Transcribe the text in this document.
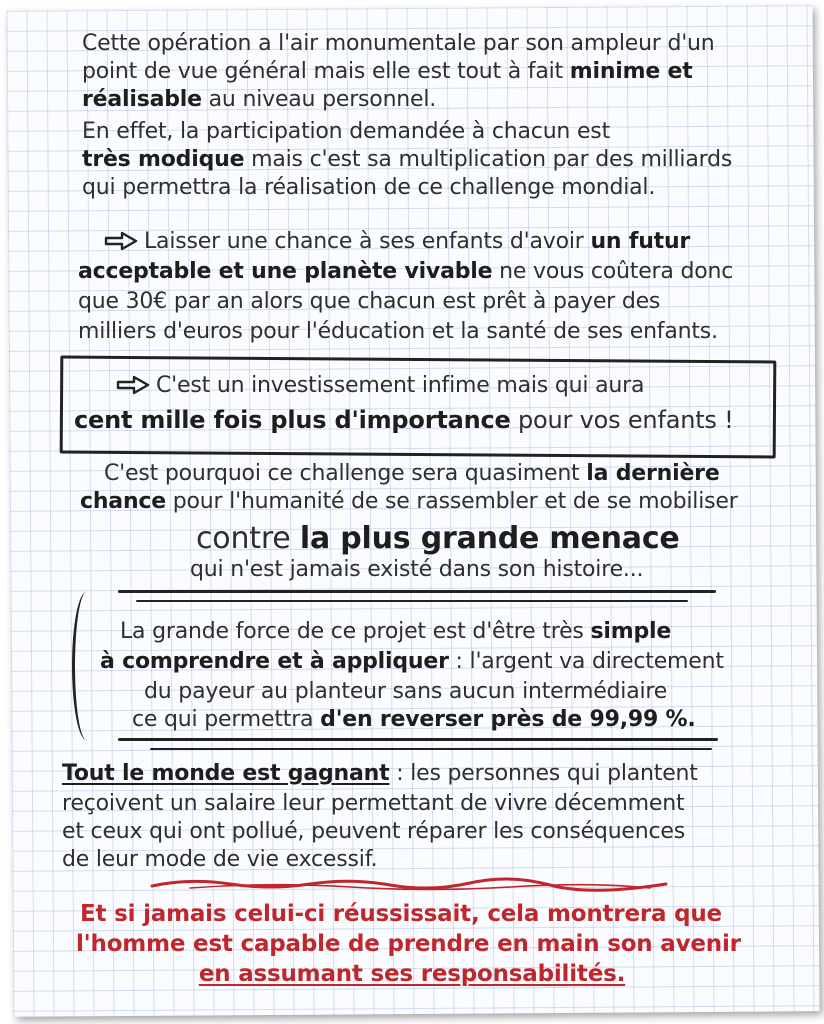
Cette opération a l'air monumentale par son ampleur d'un

point de vue général mais elle est tout à fait minime et

réalisable au niveau personnel.

En effet, la participation demandée à chacun est

très modique mais c'est sa multiplication par des milliards

qui permettra la réalisation de ce challenge mondial.

Laisser une chance à ses enfants d'avoir un futur

acceptable et une planète vivable ne vous coûtera donc

que 30€ par an alors que chacun est prêt à payer des

milliers d'euros pour l'éducation et la santé de ses enfants.

C'est un investissement infime mais qui aura

cent mille fois plus d'importance pour vos enfants !

C'est pourquoi ce challenge sera quasiment la dernière

chance pour l'humanité de se rassembler et de se mobiliser

contre la plus grande menace

qui n'est jamais existé dans son histoire...

La grande force de ce projet est d'être très simple

à comprendre et à appliquer : l'argent va directement

du payeur au planteur sans aucun intermédiaire

ce qui permettra d'en reverser près de 99,99 %.

Tout le monde est gagnant : les personnes qui plantent

reçoivent un salaire leur permettant de vivre décemment

et ceux qui ont pollué, peuvent réparer les conséquences

de leur mode de vie excessif.

Et si jamais celui-ci réussissait, cela montrera que

l'homme est capable de prendre en main son avenir

en assumant ses responsabilités.
